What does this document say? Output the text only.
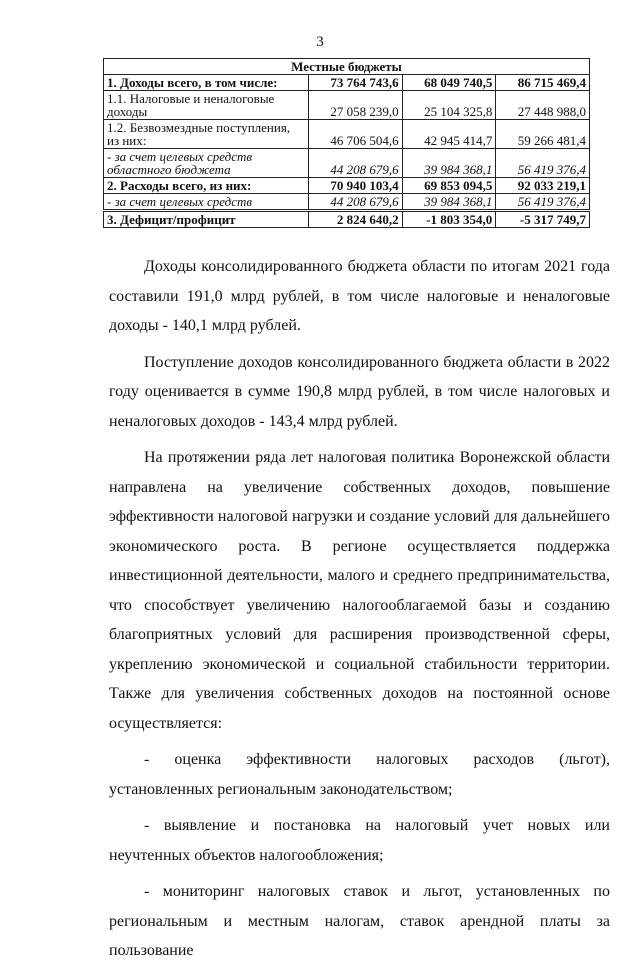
3
Местные бюджеты			
1. Доходы всего, в том числе:	73 764 743,6	68 049 740,5	86 715 469,4
1.1. Налоговые и неналоговые доходы	27 058 239,0	25 104 325,8	27 448 988,0
1.2. Безвозмездные поступления, из них:	46 706 504,6	42 945 414,7	59 266 481,4
- за счет целевых средств областного бюджета	44 208 679,6	39 984 368,1	56 419 376,4
2. Расходы всего, из них:	70 940 103,4	69 853 094,5	92 033 219,1
- за счет целевых средств	44 208 679,6	39 984 368,1	56 419 376,4
3. Дефицит/профицит	2 824 640,2	-1 803 354,0	-5 317 749,7

Доходы консолидированного бюджета области по итогам 2021 года составили 191,0 млрд рублей, в том числе налоговые и неналоговые доходы - 140,1 млрд рублей.

Поступление доходов консолидированного бюджета области в 2022 году оценивается в сумме 190,8 млрд рублей, в том числе налоговых и неналоговых доходов - 143,4 млрд рублей.

На протяжении ряда лет налоговая политика Воронежской области направлена на увеличение собственных доходов, повышение эффективности налоговой нагрузки и создание условий для дальнейшего экономического роста. В регионе осуществляется поддержка инвестиционной деятельности, малого и среднего предпринимательства, что способствует увеличению налогооблагаемой базы и созданию благоприятных условий для расширения производственной сферы, укреплению экономической и социальной стабильности территории. Также для увеличения собственных доходов на постоянной основе осуществляется:

- оценка эффективности налоговых расходов (льгот), установленных региональным законодательством;

- выявление и постановка на налоговый учет новых или неучтенных объектов налогообложения;

- мониторинг налоговых ставок и льгот, установленных по региональным и местным налогам, ставок арендной платы за пользование
